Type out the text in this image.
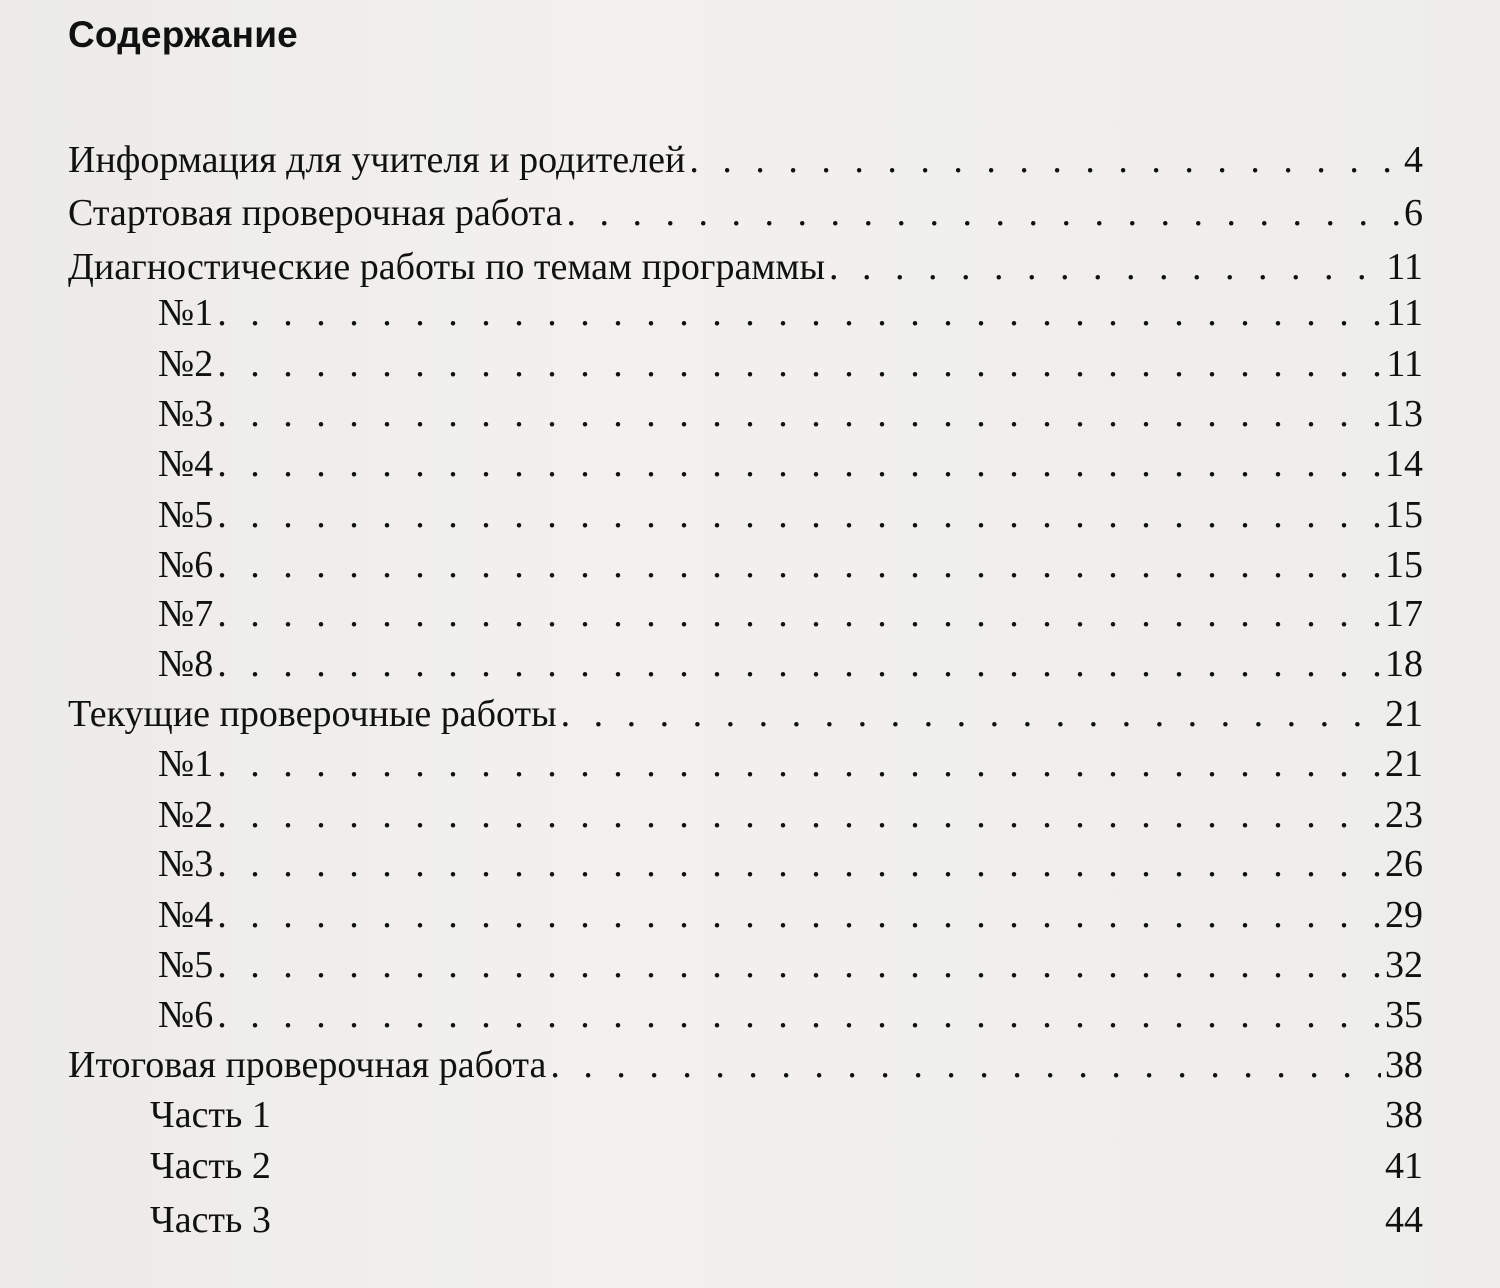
Содержание
Информация для учителя и родителей . . .	4
Стартовая проверочная работа . . .	6
Диагностические работы по темам программы . . .	11
№1 . . .	11
№2 . . .	11
№3 . . .	13
№4 . . .	14
№5 . . .	15
№6 . . .	15
№7 . . .	17
№8 . . .	18
Текущие проверочные работы . . .	21
№1 . . .	21
№2 . . .	23
№3 . . .	26
№4 . . .	29
№5 . . .	32
№6 . . .	35
Итоговая проверочная работа . . .	38
Часть 1	38
Часть 2	41
Часть 3	44
